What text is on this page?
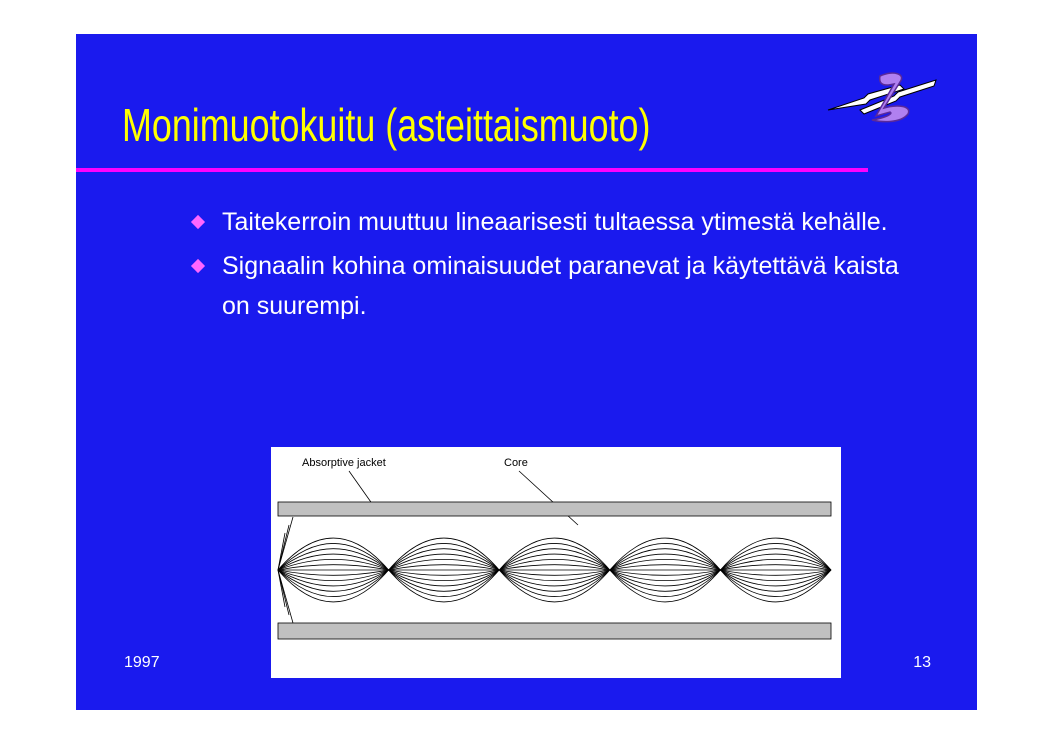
Monimuotokuitu (asteittaismuoto)
Taitekerroin muuttuu lineaarisesti tultaessa ytimestä kehälle.
Signaalin kohina ominaisuudet paranevat ja käytettävä kaista on suurempi.
Absorptive jacket	Core
1997	13
